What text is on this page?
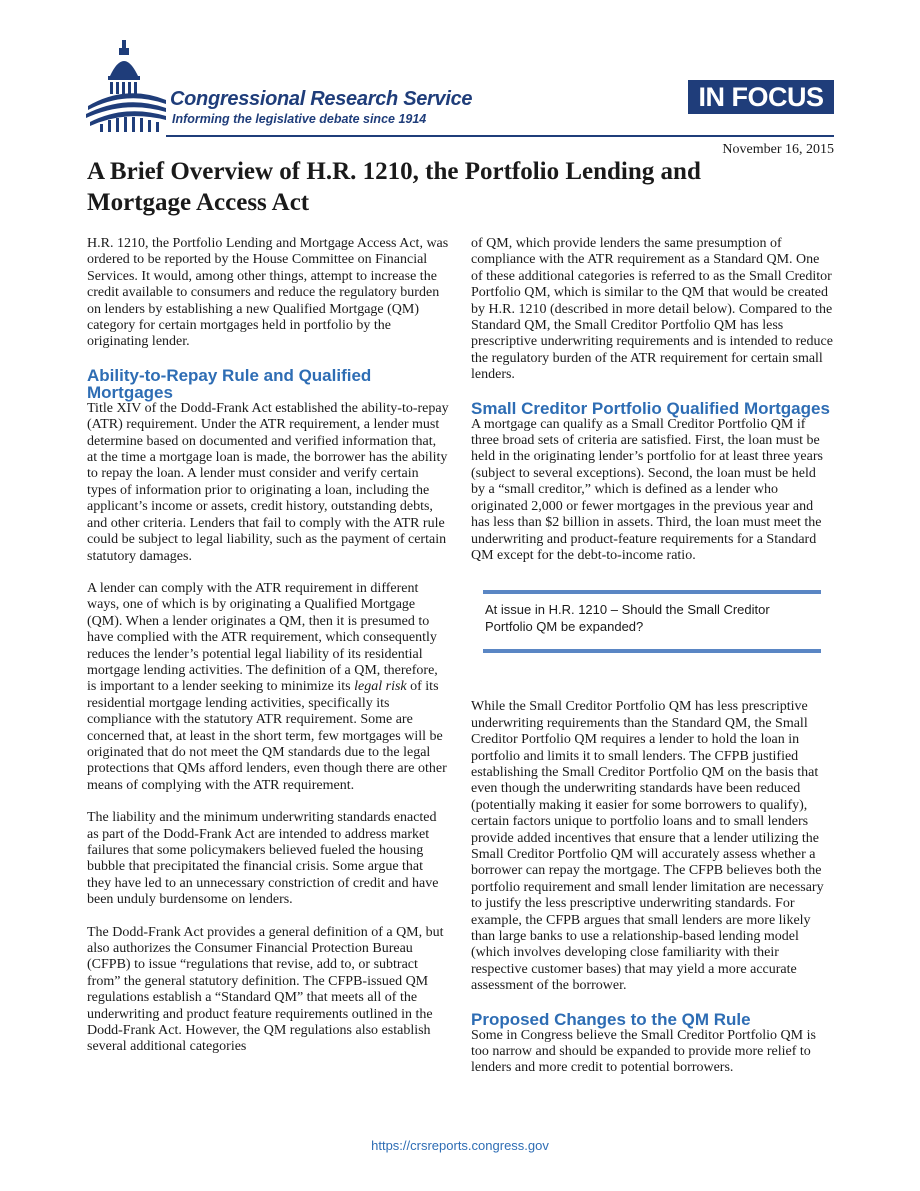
Congressional Research Service
Informing the legislative debate since 1914
IN FOCUS
November 16, 2015
A Brief Overview of H.R. 1210, the Portfolio Lending and Mortgage Access Act

H.R. 1210, the Portfolio Lending and Mortgage Access Act, was ordered to be reported by the House Committee on Financial Services. It would, among other things, attempt to increase the credit available to consumers and reduce the regulatory burden on lenders by establishing a new Qualified Mortgage (QM) category for certain mortgages held in portfolio by the originating lender.

Ability-to-Repay Rule and Qualified Mortgages

Title XIV of the Dodd-Frank Act established the ability-to-repay (ATR) requirement. Under the ATR requirement, a lender must determine based on documented and verified information that, at the time a mortgage loan is made, the borrower has the ability to repay the loan. A lender must consider and verify certain types of information prior to originating a loan, including the applicant’s income or assets, credit history, outstanding debts, and other criteria. Lenders that fail to comply with the ATR rule could be subject to legal liability, such as the payment of certain statutory damages.

A lender can comply with the ATR requirement in different ways, one of which is by originating a Qualified Mortgage (QM). When a lender originates a QM, then it is presumed to have complied with the ATR requirement, which consequently reduces the lender’s potential legal liability of its residential mortgage lending activities. The definition of a QM, therefore, is important to a lender seeking to minimize its legal risk of its residential mortgage lending activities, specifically its compliance with the statutory ATR requirement. Some are concerned that, at least in the short term, few mortgages will be originated that do not meet the QM standards due to the legal protections that QMs afford lenders, even though there are other means of complying with the ATR requirement.

The liability and the minimum underwriting standards enacted as part of the Dodd-Frank Act are intended to address market failures that some policymakers believed fueled the housing bubble that precipitated the financial crisis. Some argue that they have led to an unnecessary constriction of credit and have been unduly burdensome on lenders.

The Dodd-Frank Act provides a general definition of a QM, but also authorizes the Consumer Financial Protection Bureau (CFPB) to issue “regulations that revise, add to, or subtract from” the general statutory definition. The CFPB-issued QM regulations establish a “Standard QM” that meets all of the underwriting and product feature requirements outlined in the Dodd-Frank Act. However, the QM regulations also establish several additional categories

of QM, which provide lenders the same presumption of compliance with the ATR requirement as a Standard QM. One of these additional categories is referred to as the Small Creditor Portfolio QM, which is similar to the QM that would be created by H.R. 1210 (described in more detail below). Compared to the Standard QM, the Small Creditor Portfolio QM has less prescriptive underwriting requirements and is intended to reduce the regulatory burden of the ATR requirement for certain small lenders.

Small Creditor Portfolio Qualified Mortgages

A mortgage can qualify as a Small Creditor Portfolio QM if three broad sets of criteria are satisfied. First, the loan must be held in the originating lender’s portfolio for at least three years (subject to several exceptions). Second, the loan must be held by a “small creditor,” which is defined as a lender who originated 2,000 or fewer mortgages in the previous year and has less than $2 billion in assets. Third, the loan must meet the underwriting and product-feature requirements for a Standard QM except for the debt-to-income ratio.

At issue in H.R. 1210 – Should the Small Creditor Portfolio QM be expanded?

While the Small Creditor Portfolio QM has less prescriptive underwriting requirements than the Standard QM, the Small Creditor Portfolio QM requires a lender to hold the loan in portfolio and limits it to small lenders. The CFPB justified establishing the Small Creditor Portfolio QM on the basis that even though the underwriting standards have been reduced (potentially making it easier for some borrowers to qualify), certain factors unique to portfolio loans and to small lenders provide added incentives that ensure that a lender utilizing the Small Creditor Portfolio QM will accurately assess whether a borrower can repay the mortgage. The CFPB believes both the portfolio requirement and small lender limitation are necessary to justify the less prescriptive underwriting standards. For example, the CFPB argues that small lenders are more likely than large banks to use a relationship-based lending model (which involves developing close familiarity with their respective customer bases) that may yield a more accurate assessment of the borrower.

Proposed Changes to the QM Rule

Some in Congress believe the Small Creditor Portfolio QM is too narrow and should be expanded to provide more relief to lenders and more credit to potential borrowers.

https://crsreports.congress.gov
